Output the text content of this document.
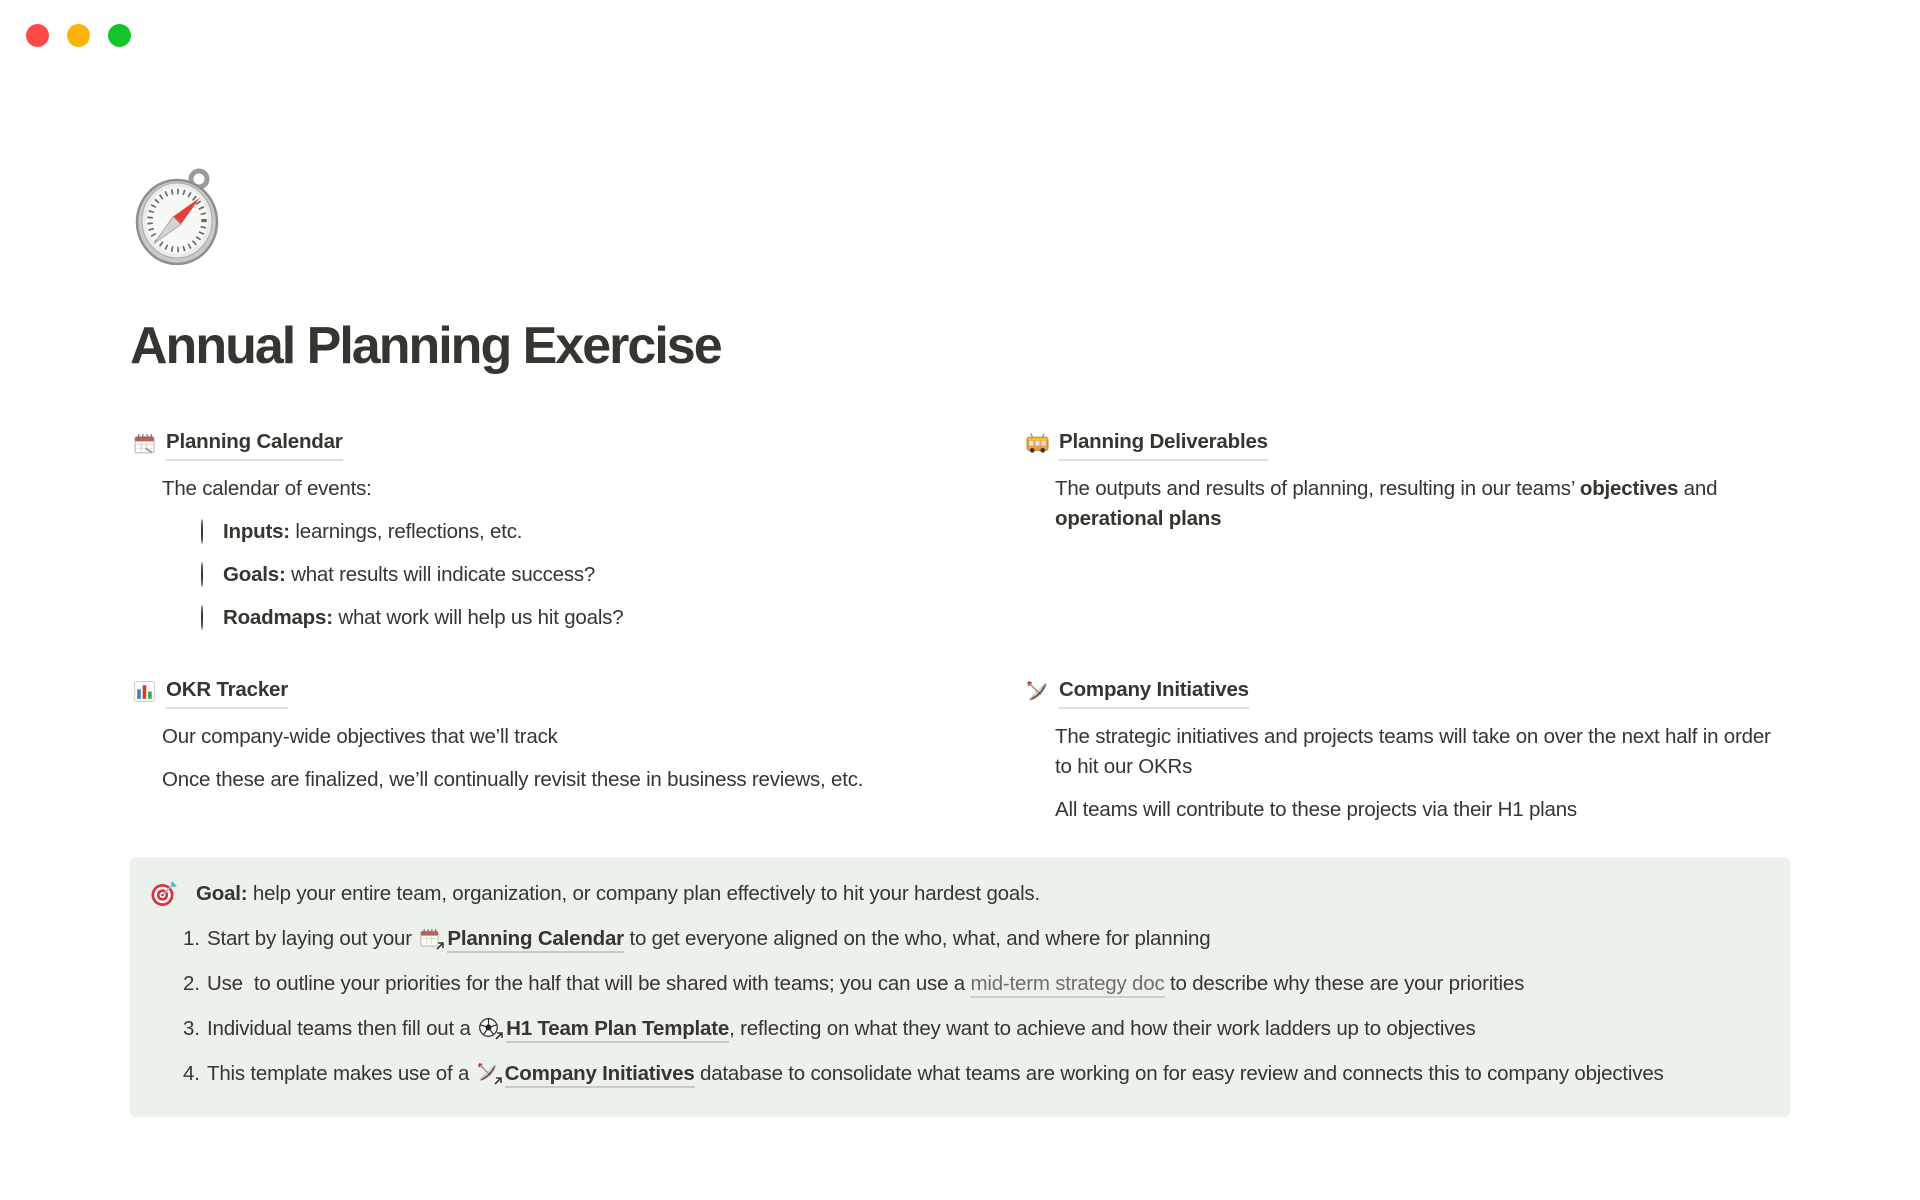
Annual Planning Exercise
Planning Calendar
The calendar of events:
Inputs: learnings, reflections, etc.
Goals: what results will indicate success?
Roadmaps: what work will help us hit goals?
Planning Deliverables
The outputs and results of planning, resulting in our teams’ objectives and operational plans
OKR Tracker
Our company-wide objectives that we’ll track
Once these are finalized, we’ll continually revisit these in business reviews, etc.
Company Initiatives
The strategic initiatives and projects teams will take on over the next half in order to hit our OKRs
All teams will contribute to these projects via their H1 plans

Goal: help your entire team, organization, or company plan effectively to hit your hardest goals.

1. Start by laying out your
Planning Calendar to get everyone aligned on the who, what, and where for planning
2. Use  to outline your priorities for the half that will be shared with teams; you can use a mid-term strategy doc to describe why these are your priorities
3. Individual teams then fill out a
H1 Team Plan Template, reflecting on what they want to achieve and how their work ladders up to objectives
4. This template makes use of a
Company Initiatives database to consolidate what teams are working on for easy review and connects this to company objectives
